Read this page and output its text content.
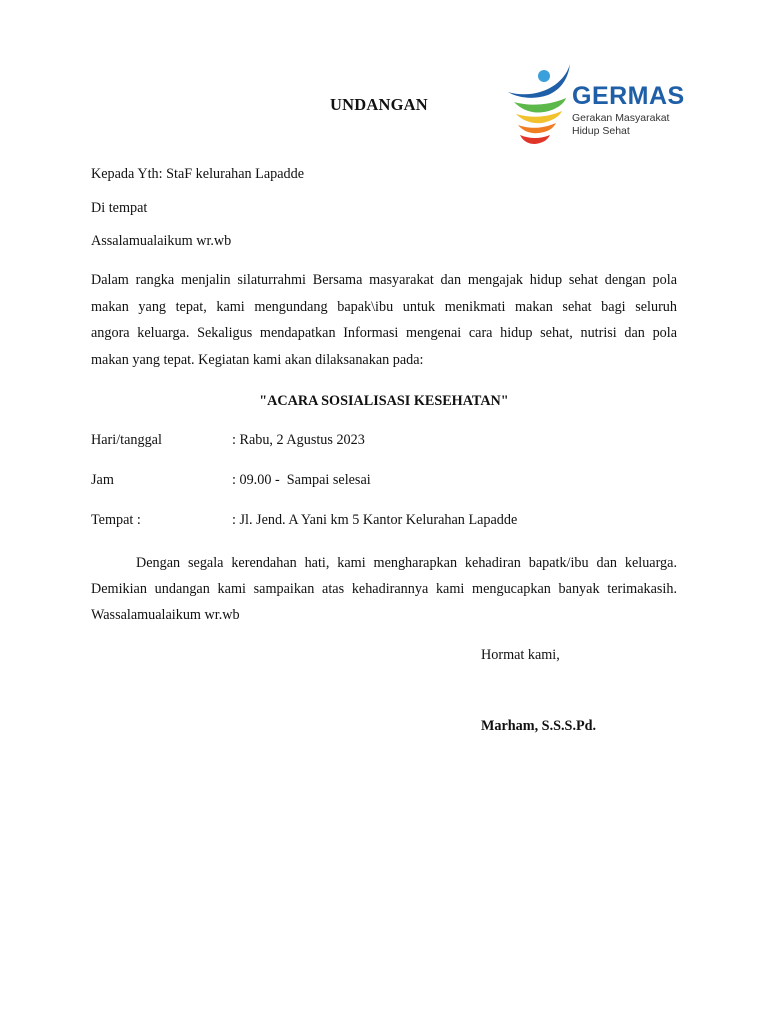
UNDANGAN	GERMAS
Gerakan Masyarakat
Hidup Sehat
Kepada Yth: StaF kelurahan Lapadde
Di tempat
Assalamualaikum wr.wb
Dalam rangka menjalin silaturrahmi Bersama masyarakat dan mengajak hidup sehat dengan pola
makan yang tepat, kami mengundang bapak\ibu untuk menikmati makan sehat bagi seluruh
angora keluarga. Sekaligus mendapatkan Informasi mengenai cara hidup sehat, nutrisi dan pola
makan yang tepat. Kegiatan kami akan dilaksanakan pada:
"ACARA SOSIALISASI KESEHATAN"
Hari/tanggal	: Rabu, 2 Agustus 2023
Jam	: 09.00 -  Sampai selesai
Tempat :	: Jl. Jend. A Yani km 5 Kantor Kelurahan Lapadde
Dengan segala kerendahan hati, kami mengharapkan kehadiran bapatk/ibu dan keluarga.
Demikian undangan kami sampaikan atas kehadirannya kami mengucapkan banyak terimakasih.
Wassalamualaikum wr.wb
Hormat kami,
Marham, S.S.S.Pd.
